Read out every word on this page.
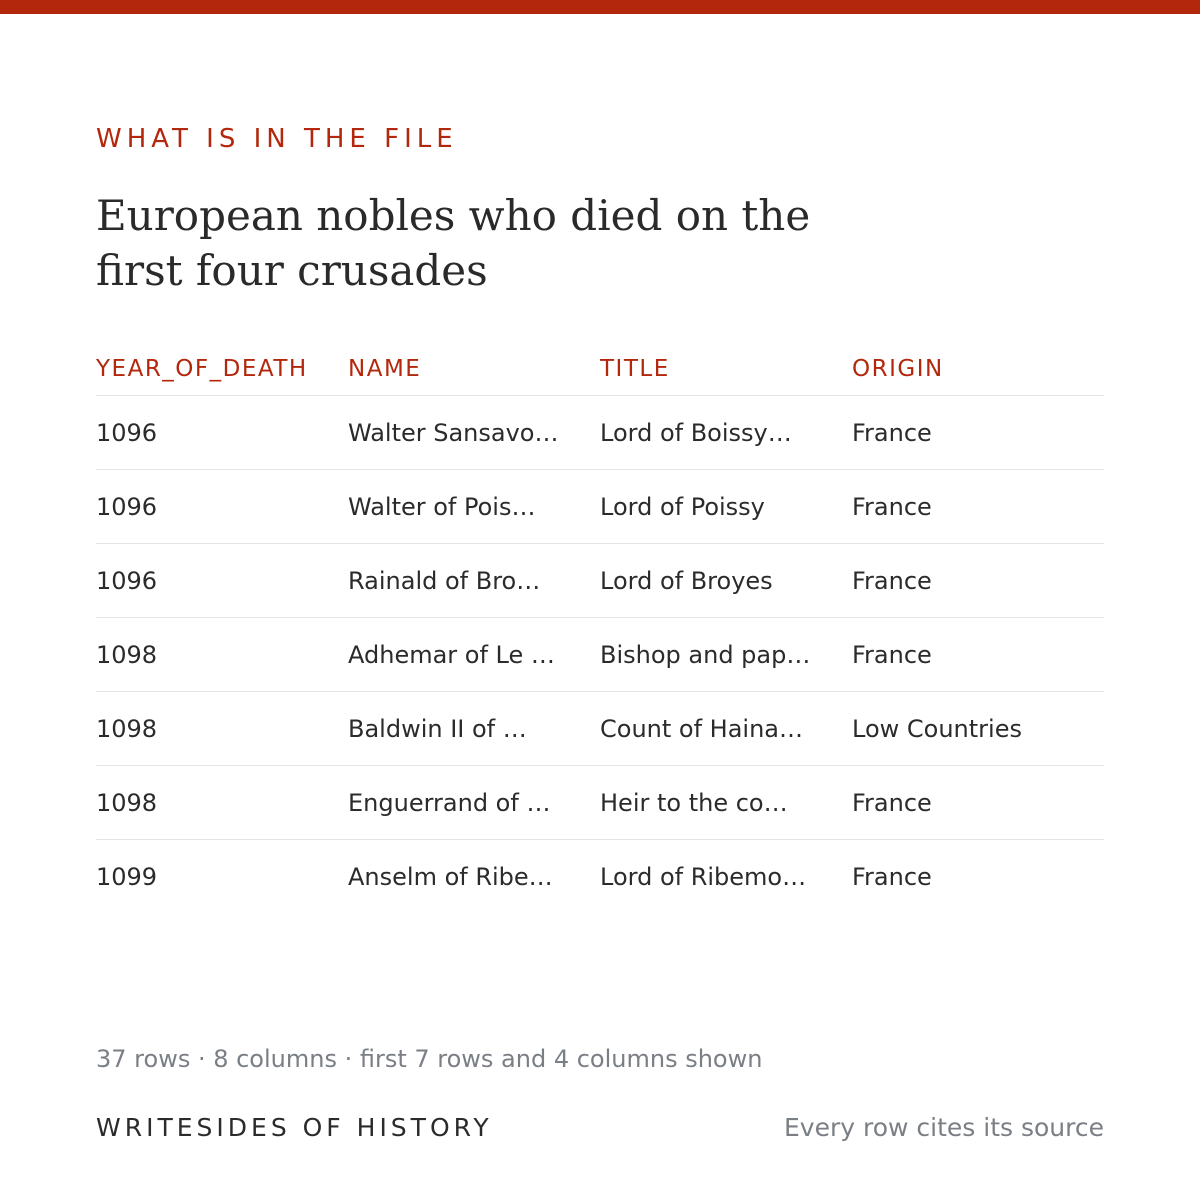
WHAT IS IN THE FILE
European nobles who died on the first four crusades
YEAR_OF_DEATH	NAME	TITLE	ORIGIN
1096	Walter Sansavo…	Lord of Boissy…	France
1096	Walter of Pois…	Lord of Poissy	France
1096	Rainald of Bro…	Lord of Broyes	France
1098	Adhemar of Le …	Bishop and pap…	France
1098	Baldwin II of …	Count of Haina…	Low Countries
1098	Enguerrand of …	Heir to the co…	France
1099	Anselm of Ribe…	Lord of Ribemo…	France
37 rows · 8 columns · first 7 rows and 4 columns shown
WRITESIDES OF HISTORY	Every row cites its source
